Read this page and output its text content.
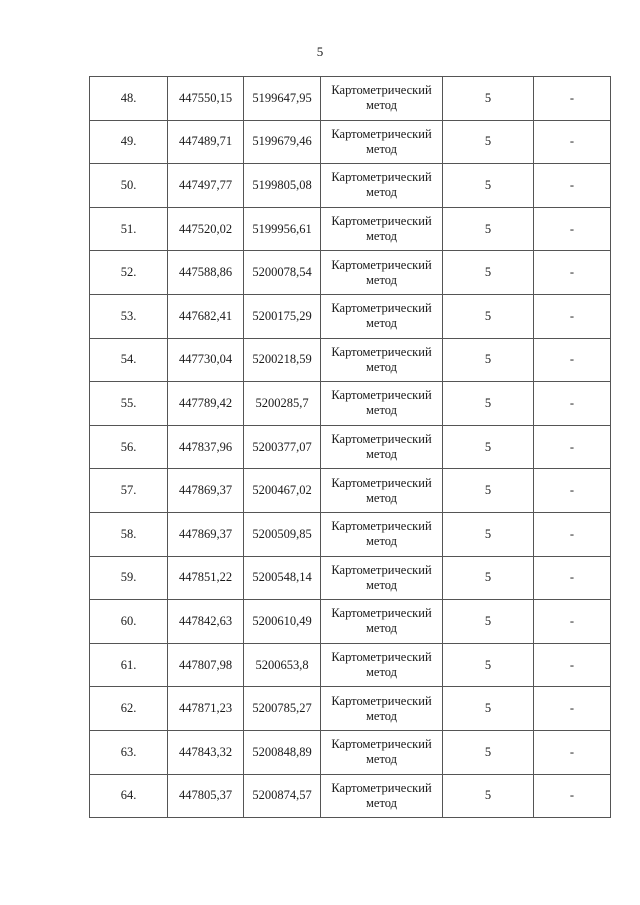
5
48.	447550,15	5199647,95	Картометрический метод	5	-
49.	447489,71	5199679,46	Картометрический метод	5	-
50.	447497,77	5199805,08	Картометрический метод	5	-
51.	447520,02	5199956,61	Картометрический метод	5	-
52.	447588,86	5200078,54	Картометрический метод	5	-
53.	447682,41	5200175,29	Картометрический метод	5	-
54.	447730,04	5200218,59	Картометрический метод	5	-
55.	447789,42	5200285,7	Картометрический метод	5	-
56.	447837,96	5200377,07	Картометрический метод	5	-
57.	447869,37	5200467,02	Картометрический метод	5	-
58.	447869,37	5200509,85	Картометрический метод	5	-
59.	447851,22	5200548,14	Картометрический метод	5	-
60.	447842,63	5200610,49	Картометрический метод	5	-
61.	447807,98	5200653,8	Картометрический метод	5	-
62.	447871,23	5200785,27	Картометрический метод	5	-
63.	447843,32	5200848,89	Картометрический метод	5	-
64.	447805,37	5200874,57	Картометрический метод	5	-
